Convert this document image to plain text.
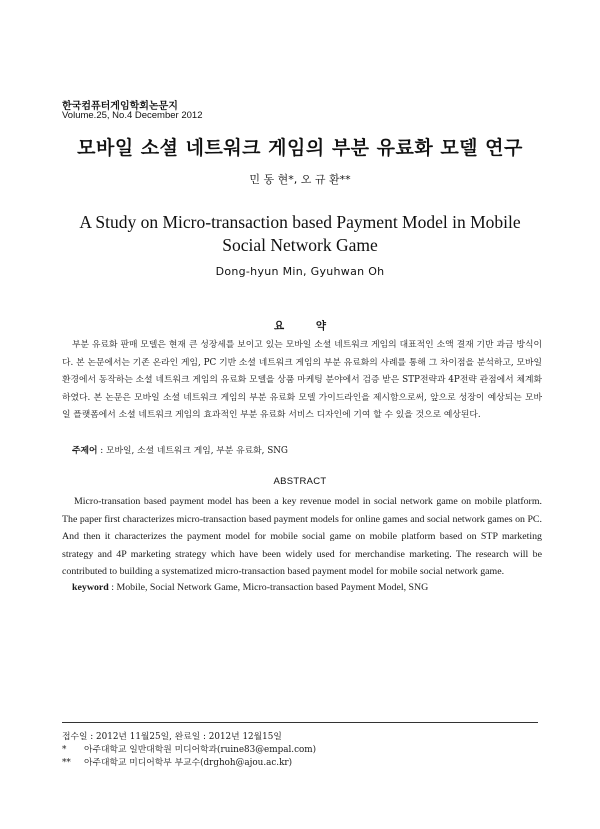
한국컴퓨터게임학회논문지
Volume.25, No.4 December 2012
모바일 소셜 네트워크 게임의 부분 유료화 모델 연구
민 동 현*, 오 규 환**
A Study on Micro-transaction based Payment Model in Mobile Social Network Game
Dong-hyun Min, Gyuhwan Oh
요 약
부분 유료화 판매 모델은 현재 큰 성장세를 보이고 있는 모바일 소셜 네트워크 게임의 대표적인 소액 결재 기반 과금 방식이다. 본 논문에서는 기존 온라인 게임, PC 기반 소셜 네트워크 게임의 부분 유료화의 사례를 통해 그 차이점을 분석하고, 모바일 환경에서 동작하는 소셜 네트워크 게임의 유료화 모델을 상품 마케팅 분야에서 검증 받은 STP전략과 4P전략 관점에서 체계화 하였다. 본 논문은 모바일 소셜 네트워크 게임의 부분 유료화 모델 가이드라인을 제시함으로써, 앞으로 성장이 예상되는 모바일 플랫폼에서 소셜 네트워크 게임의 효과적인 부분 유료화 서비스 디자인에 기여 할 수 있을 것으로 예상된다.
주제어 : 모바일, 소셜 네트워크 게임, 부분 유료화, SNG
ABSTRACT
Micro-transation based payment model has been a key revenue model in social network game on mobile platform. The paper first characterizes micro-transaction based payment models for online games and social network games on PC. And then it characterizes the payment model for mobile social game on mobile platform based on STP marketing strategy and 4P marketing strategy which have been widely used for merchandise marketing. The research will be contributed to building a systematized micro-transaction based payment model for mobile social network game.
keyword : Mobile, Social Network Game, Micro-transaction based Payment Model, SNG
접수일 : 2012년 11월25일, 완료일 : 2012년 12월15일
* 아주대학교 일반대학원 미디어학과(ruine83@empal.com)
** 아주대학교 미디어학부 부교수(drghoh@ajou.ac.kr)
